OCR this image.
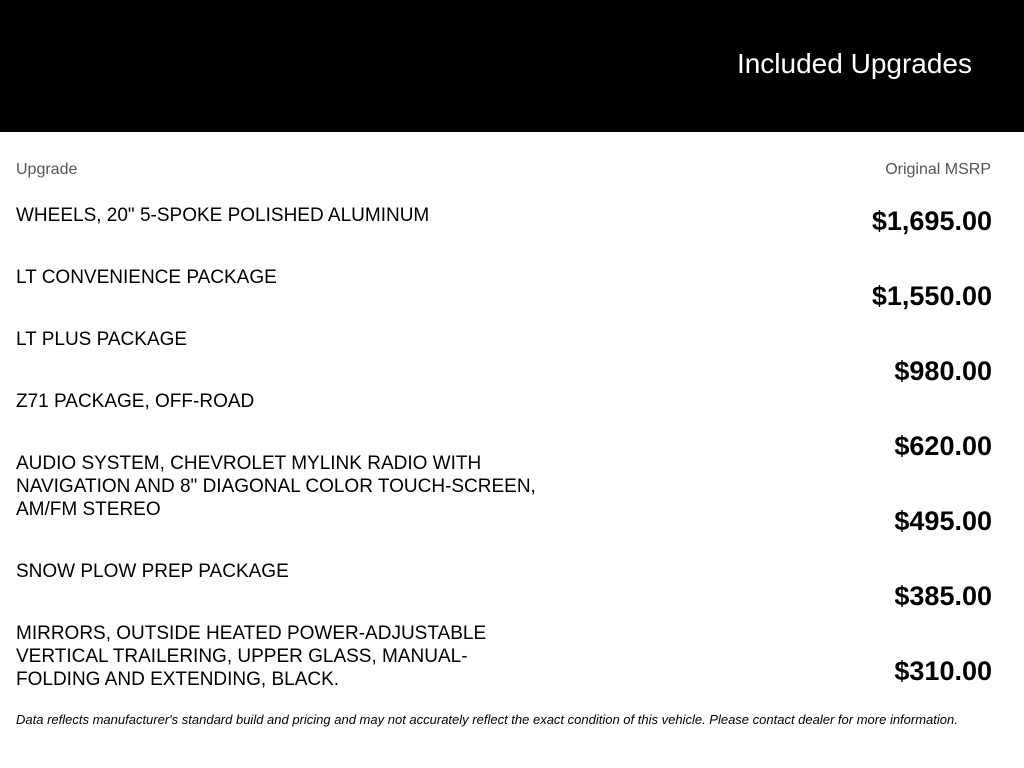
Included Upgrades
Upgrade	Original MSRP
WHEELS, 20" 5-SPOKE POLISHED ALUMINUM
LT CONVENIENCE PACKAGE
LT PLUS PACKAGE
Z71 PACKAGE, OFF-ROAD
AUDIO SYSTEM, CHEVROLET MYLINK RADIO WITH NAVIGATION AND 8" DIAGONAL COLOR TOUCH-SCREEN, AM/FM STEREO
SNOW PLOW PREP PACKAGE
MIRRORS, OUTSIDE HEATED POWER-ADJUSTABLE VERTICAL TRAILERING, UPPER GLASS, MANUAL-FOLDING AND EXTENDING, BLACK.
$1,695.00
$1,550.00
$980.00
$620.00
$495.00
$385.00
$310.00
Data reflects manufacturer's standard build and pricing and may not accurately reflect the exact condition of this vehicle. Please contact dealer for more information.
